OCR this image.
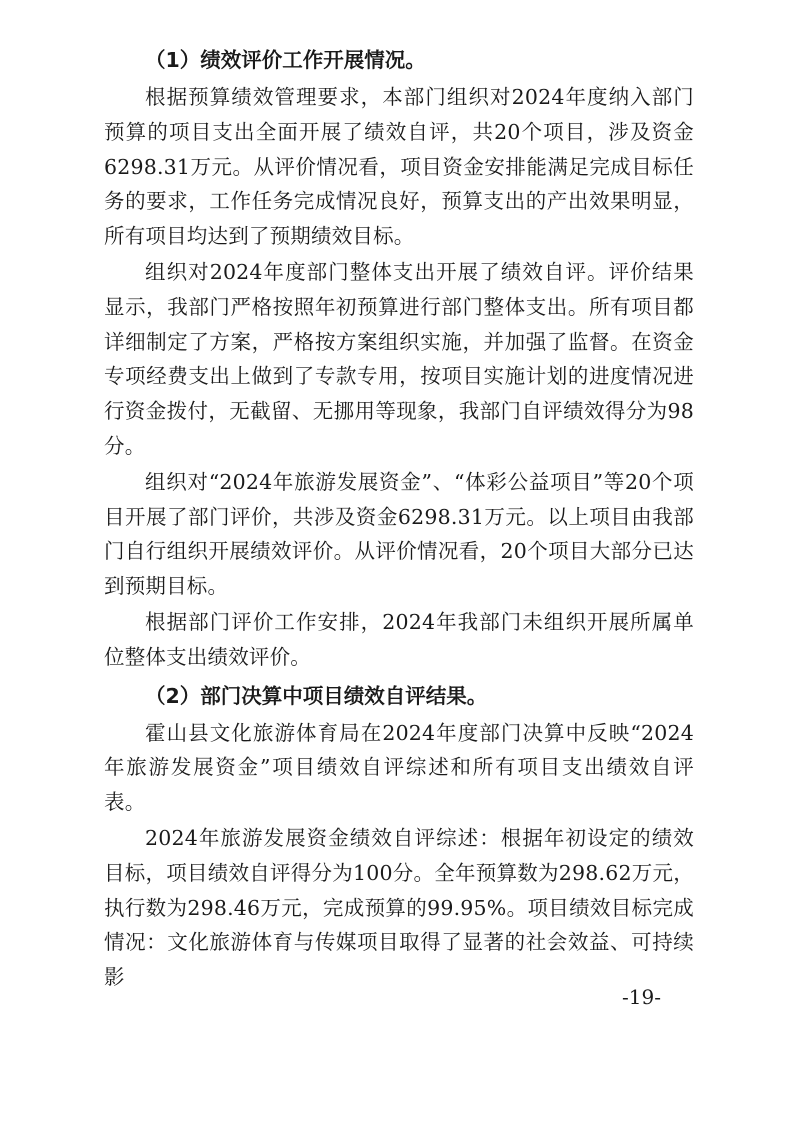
（1）绩效评价工作开展情况。

根据预算绩效管理要求，本部门组织对2024年度纳入部门预算的项目支出全面开展了绩效自评，共20个项目，涉及资金6298.31万元。从评价情况看，项目资金安排能满足完成目标任务的要求，工作任务完成情况良好，预算支出的产出效果明显，所有项目均达到了预期绩效目标。

组织对2024年度部门整体支出开展了绩效自评。评价结果显示，我部门严格按照年初预算进行部门整体支出。所有项目都详细制定了方案，严格按方案组织实施，并加强了监督。在资金专项经费支出上做到了专款专用，按项目实施计划的进度情况进行资金拨付，无截留、无挪用等现象，我部门自评绩效得分为98分。

组织对“2024年旅游发展资金”、“体彩公益项目”等20个项目开展了部门评价，共涉及资金6298.31万元。以上项目由我部门自行组织开展绩效评价。从评价情况看，20个项目大部分已达到预期目标。

根据部门评价工作安排，2024年我部门未组织开展所属单位整体支出绩效评价。

（2）部门决算中项目绩效自评结果。

霍山县文化旅游体育局在2024年度部门决算中反映“2024年旅游发展资金”项目绩效自评综述和所有项目支出绩效自评表。

2024年旅游发展资金绩效自评综述：根据年初设定的绩效目标，项目绩效自评得分为100分。全年预算数为298.62万元，执行数为298.46万元，完成预算的99.95%。项目绩效目标完成情况：文化旅游体育与传媒项目取得了显著的社会效益、可持续影

-19-
